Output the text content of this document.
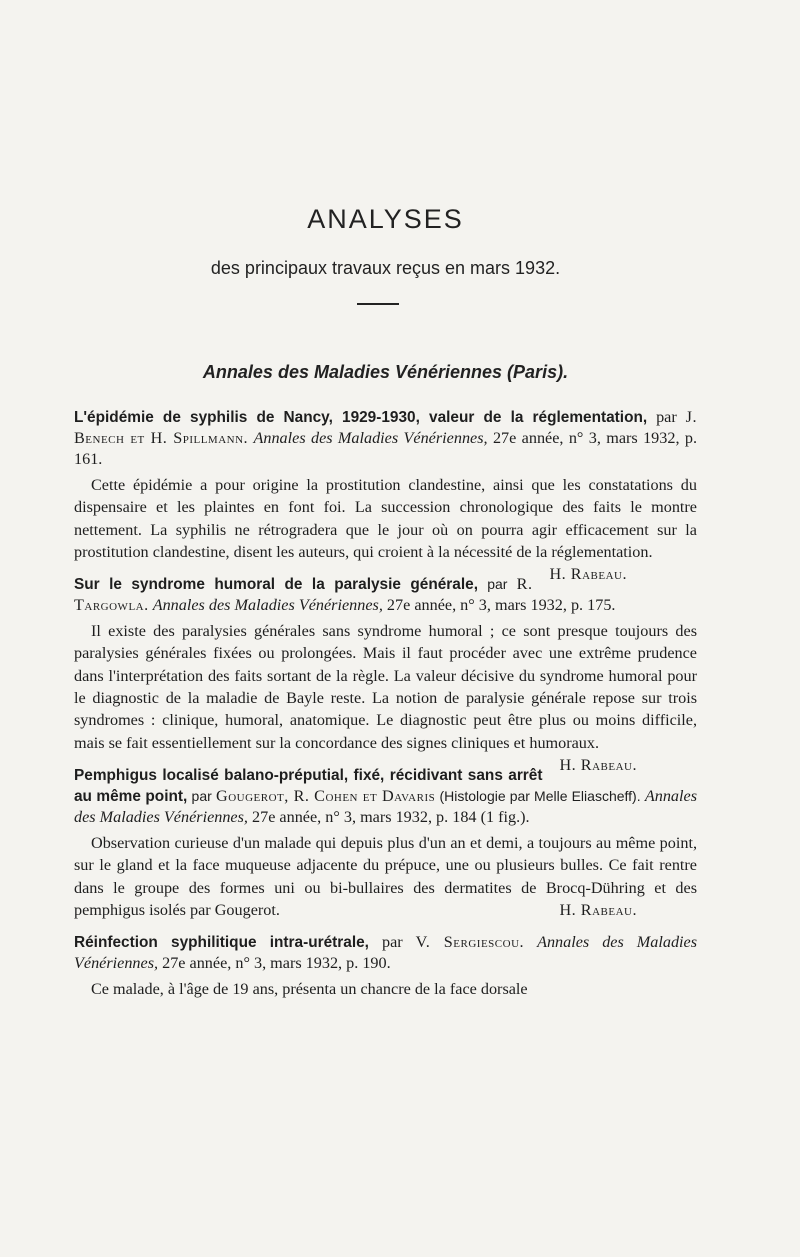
ANALYSES
des principaux travaux reçus en mars 1932.
Annales des Maladies Vénériennes (Paris).

L'épidémie de syphilis de Nancy, 1929-1930, valeur de la réglementation, par J. Benech et H. Spillmann. Annales des Maladies Vénériennes, 27e année, n° 3, mars 1932, p. 161.

Cette épidémie a pour origine la prostitution clandestine, ainsi que les constatations du dispensaire et les plaintes en font foi. La succession chronologique des faits le montre nettement. La syphilis ne rétrogradera que le jour où on pourra agir efficacement sur la prostitution clandestine, disent les auteurs, qui croient à la nécessité de la réglementation.
H. Rabeau.

Sur le syndrome humoral de la paralysie générale, par R. Targowla. Annales des Maladies Vénériennes, 27e année, n° 3, mars 1932, p. 175.

Il existe des paralysies générales sans syndrome humoral ; ce sont presque toujours des paralysies générales fixées ou prolongées. Mais il faut procéder avec une extrême prudence dans l'interprétation des faits sortant de la règle. La valeur décisive du syndrome humoral pour le diagnostic de la maladie de Bayle reste. La notion de paralysie générale repose sur trois syndromes : clinique, humoral, anatomique. Le diagnostic peut être plus ou moins difficile, mais se fait essentiellement sur la concordance des signes cliniques et humoraux.
H. Rabeau.

Pemphigus localisé balano-préputial, fixé, récidivant sans arrêt au même point, par Gougerot, R. Cohen et Davaris (Histologie par Melle Eliascheff). Annales des Maladies Vénériennes, 27e année, n° 3, mars 1932, p. 184 (1 fig.).

Observation curieuse d'un malade qui depuis plus d'un an et demi, a toujours au même point, sur le gland et la face muqueuse adjacente du prépuce, une ou plusieurs bulles. Ce fait rentre dans le groupe des formes uni ou bi-bullaires des dermatites de Brocq-Dühring et des pemphigus isolés par Gougerot.	H. Rabeau.

Réinfection syphilitique intra-urétrale, par V. Sergiescou. Annales des Maladies Vénériennes, 27e année, n° 3, mars 1932, p. 190.

Ce malade, à l'âge de 19 ans, présenta un chancre de la face dorsale
